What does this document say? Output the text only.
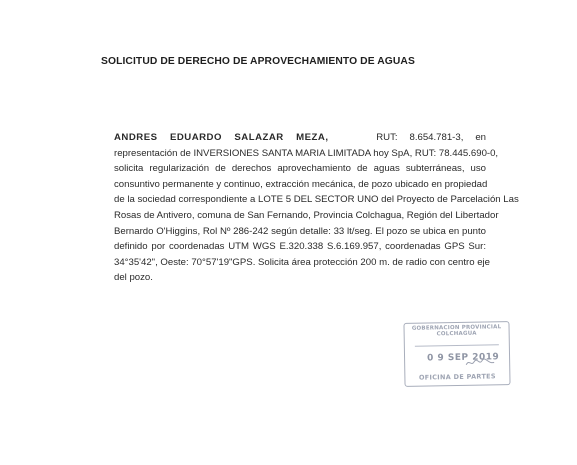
SOLICITUD DE DERECHO DE APROVECHAMIENTO DE AGUAS
ANDRES EDUARDO SALAZAR MEZA,	RUT: 8.654.781-3, en
representación de INVERSIONES SANTA MARIA LIMITADA hoy SpA, RUT: 78.445.690-0,
solicita regularización de derechos aprovechamiento de aguas subterráneas, uso
consuntivo permanente y continuo, extracción mecánica, de pozo ubicado en propiedad
de la sociedad correspondiente a LOTE 5 DEL SECTOR UNO del Proyecto de Parcelación Las
Rosas de Antivero, comuna de San Fernando, Provincia Colchagua, Región del Libertador
Bernardo O'Higgins, Rol Nº 286-242 según detalle: 33 lt/seg. El pozo se ubica en punto
definido por coordenadas UTM WGS E.320.338 S.6.169.957, coordenadas GPS Sur:
34°35'42", Oeste: 70°57'19"GPS. Solicita área protección 200 m. de radio con centro eje
del pozo.
GOBERNACION PROVINCIAL COLCHAGUA
0 9 SEP 2019
OFICINA DE PARTES
